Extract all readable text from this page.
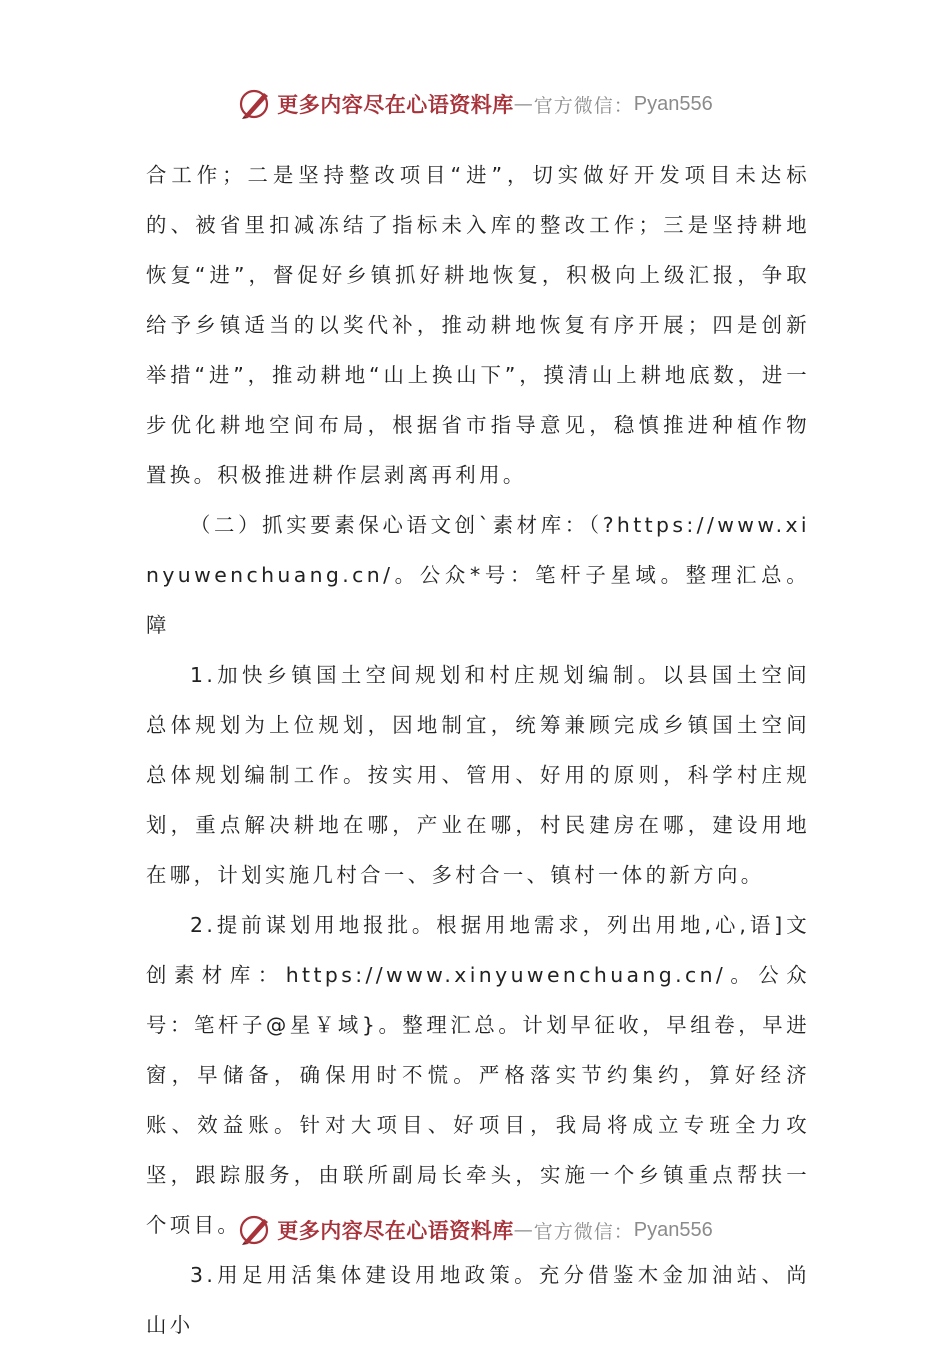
更多内容尽在心语资料库 — 官方微信： Pyan556

合工作；二是坚持整改项目“进”，切实做好开发项目未达标的、被省里扣减冻结了指标未入库的整改工作；三是坚持耕地恢复“进”，督促好乡镇抓好耕地恢复，积极向上级汇报，争取给予乡镇适当的以奖代补，推动耕地恢复有序开展；四是创新举措“进”，推动耕地“山上换山下”，摸清山上耕地底数，进一步优化耕地空间布局，根据省市指导意见，稳慎推进种植作物置换。积极推进耕作层剥离再利用。

（二）抓实要素保心语文创`素材库：（?https://www.xinyuwenchuang.cn/。公众*号：笔杆子星域。整理汇总。障

1.加快乡镇国土空间规划和村庄规划编制。以县国土空间总体规划为上位规划，因地制宜，统筹兼顾完成乡镇国土空间总体规划编制工作。按实用、管用、好用的原则，科学村庄规划，重点解决耕地在哪，产业在哪，村民建房在哪，建设用地在哪，计划实施几村合一、多村合一、镇村一体的新方向。

2.提前谋划用地报批。根据用地需求，列出用地,心,语]文创素材库：https://www.xinyuwenchuang.cn/。公众号：笔杆子@星￥域}。整理汇总。计划早征收，早组卷，早进窗，早储备，确保用时不慌。严格落实节约集约，算好经济账、效益账。针对大项目、好项目，我局将成立专班全力攻坚，跟踪服务，由联所副局长牵头，实施一个乡镇重点帮扶一个项目。

3.用足用活集体建设用地政策。充分借鉴木金加油站、尚山小

更多内容尽在心语资料库 — 官方微信： Pyan556
